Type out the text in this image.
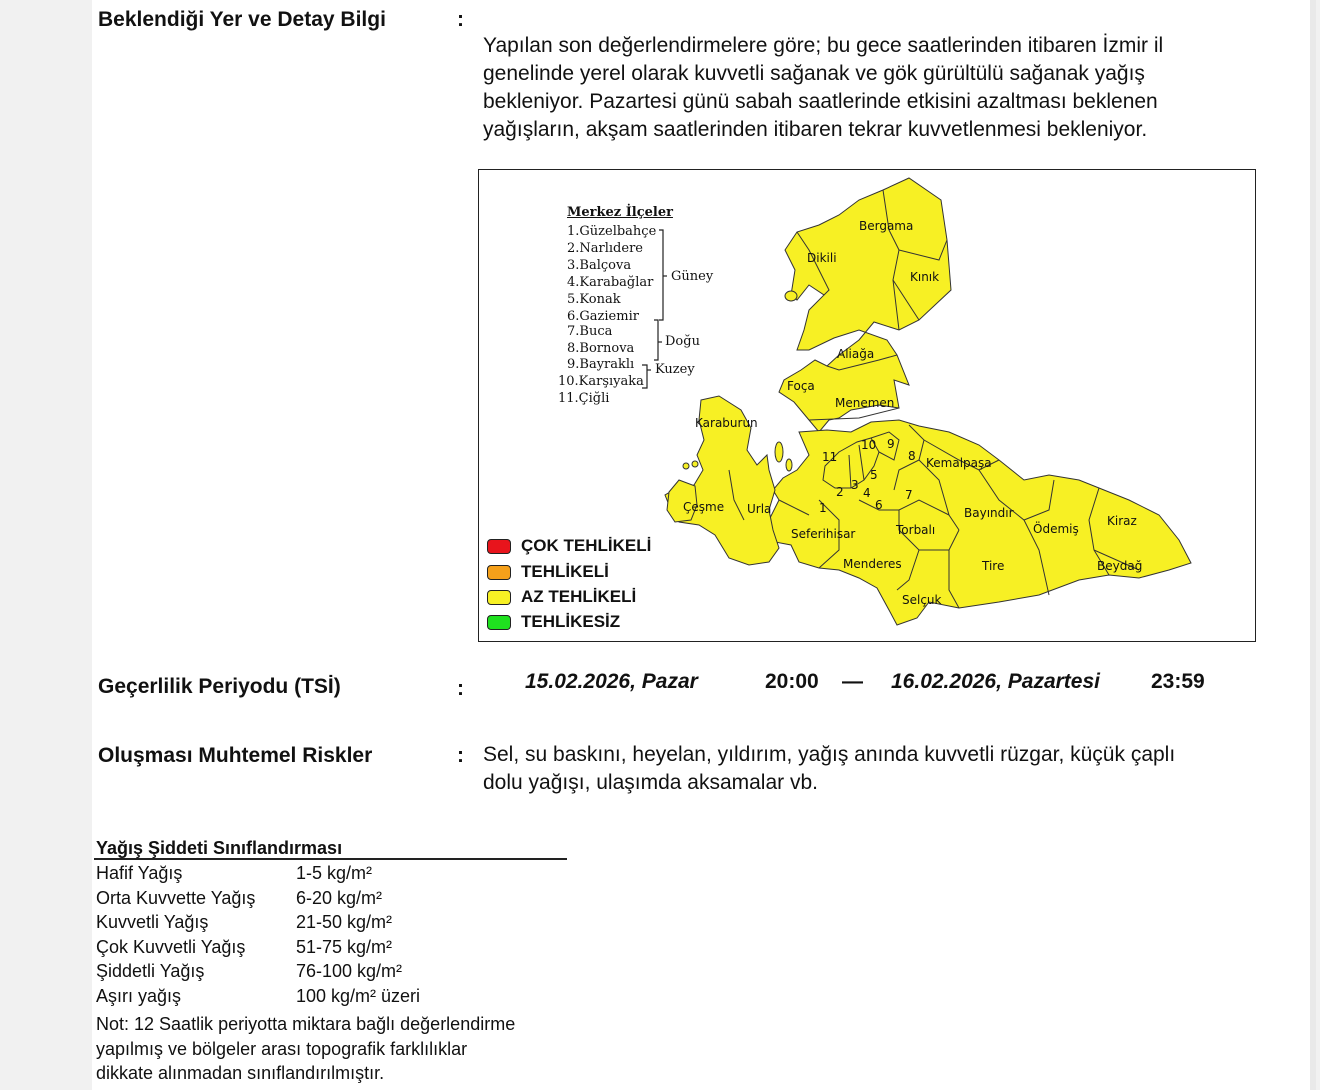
Beklendiği Yer ve Detay Bilgi	:
Yapılan son değerlendirmelere göre; bu gece saatlerinden itibaren İzmir il
genelinde yerel olarak kuvvetli sağanak ve gök gürültülü sağanak yağış
bekleniyor. Pazartesi günü sabah saatlerinde etkisini azaltması beklenen
yağışların, akşam saatlerinden itibaren tekrar kuvvetlenmesi bekleniyor.
Bergama
Dikili
Kınık
Aliağa
Foça
Menemen
Karaburun
Kemalpaşa
Çeşme Urla
Seferihisar	Torbalı
Bayındır
Ödemiş
Kiraz
Menderes	Tire	Beydağ
Selçuk
1
2 3
4
5
6
7
8
9
10
11
Merkez İlçeler
1.Güzelbahçe
2.Narlıdere
3.Balçova
4.Karabağlar
5.Konak
6.Gaziemir
7.Buca
8.Bornova
9.Bayraklı
10.Karşıyaka
11.Çiğli
Güney
Doğu
Kuzey
ÇOK TEHLİKELİ
TEHLİKELİ
AZ TEHLİKELİ
TEHLİKESİZ
Geçerlilik Periyodu (TSİ)	:	15.02.2026, Pazar	20:00 — 16.02.2026, Pazartesi 23:59
Oluşması Muhtemel Riskler	: Sel, su baskını, heyelan, yıldırım, yağış anında kuvvetli rüzgar, küçük çaplı
dolu yağışı, ulaşımda aksamalar vb.
Yağış Şiddeti Sınıflandırması
Hafif Yağış	1-5 kg/m²
Orta Kuvvette Yağış 6-20 kg/m²
Kuvvetli Yağış	21-50 kg/m²
Çok Kuvvetli Yağış	51-75 kg/m²
Şiddetli Yağış	76-100 kg/m²
Aşırı yağış	100 kg/m² üzeri
Not: 12 Saatlik periyotta miktara bağlı değerlendirme
yapılmış ve bölgeler arası topografik farklılıklar
dikkate alınmadan sınıflandırılmıştır.
